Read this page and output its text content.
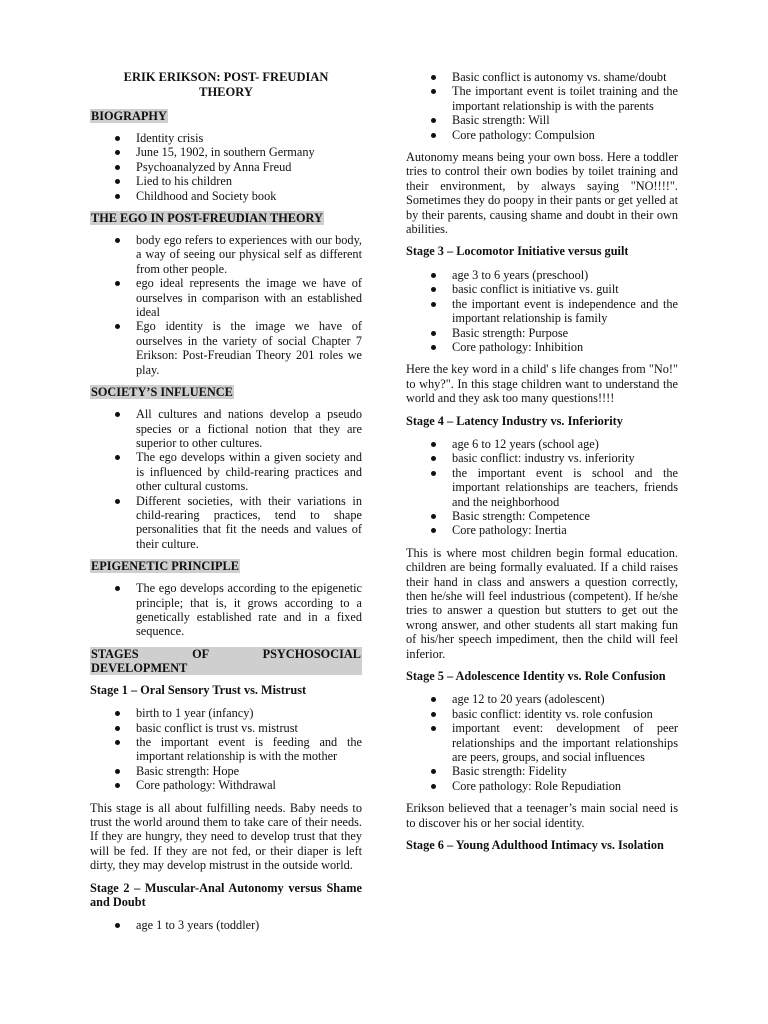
ERIK ERIKSON: POST- FREUDIAN
THEORY
BIOGRAPHY
Identity crisis
June 15, 1902, in southern Germany
Psychoanalyzed by Anna Freud
Lied to his children
Childhood and Society book
THE EGO IN POST-FREUDIAN THEORY
body ego refers to experiences with our body, a way of seeing our physical self as different from other people.
ego ideal represents the image we have of ourselves in comparison with an established ideal
Ego identity is the image we have of ourselves in the variety of social Chapter 7 Erikson: Post-Freudian Theory 201 roles we play.
SOCIETY’S INFLUENCE
All cultures and nations develop a pseudo species or a fictional notion that they are superior to other cultures.
The ego develops within a given society and is influenced by child-rearing practices and other cultural customs.
Different societies, with their variations in child-rearing practices, tend to shape personalities that fit the needs and values of their culture.
EPIGENETIC PRINCIPLE
The ego develops according to the epigenetic principle; that is, it grows according to a genetically established rate and in a fixed sequence.
STAGES	OF	PSYCHOSOCIAL
DEVELOPMENT
Stage 1 – Oral Sensory Trust vs. Mistrust
birth to 1 year (infancy)
basic conflict is trust vs. mistrust
the important event is feeding and the important relationship is with the mother
Basic strength: Hope
Core pathology: Withdrawal

This stage is all about fulfilling needs. Baby needs to trust the world around them to take care of their needs. If they are hungry, they need to develop trust that they will be fed. If they are not fed, or their diaper is left dirty, they may develop mistrust in the outside world.

Stage 2 – Muscular-Anal Autonomy versus Shame and Doubt
age 1 to 3 years (toddler)
Basic conflict is autonomy vs. shame/doubt
The important event is toilet training and the important relationship is with the parents
Basic strength: Will
Core pathology: Compulsion

Autonomy means being your own boss. Here a toddler tries to control their own bodies by toilet training and their environment, by always saying "NO!!!!". Sometimes they do poopy in their pants or get yelled at by their parents, causing shame and doubt in their own abilities.

Stage 3 – Locomotor Initiative versus guilt
age 3 to 6 years (preschool)
basic conflict is initiative vs. guilt
the important event is independence and the important relationship is family
Basic strength: Purpose
Core pathology: Inhibition

Here the key word in a child' s life changes from "No!" to why?". In this stage children want to understand the world and they ask too many questions!!!!

Stage 4 – Latency Industry vs. Inferiority
age 6 to 12 years (school age)
basic conflict: industry vs. inferiority
the important event is school and the important relationships are teachers, friends and the neighborhood
Basic strength: Competence
Core pathology: Inertia

This is where most children begin formal education. children are being formally evaluated. If a child raises their hand in class and answers a question correctly, then he/she will feel industrious (competent). If he/she tries to answer a question but stutters to get out the wrong answer, and other students all start making fun of his/her speech impediment, then the child will feel inferior.

Stage 5 – Adolescence Identity vs. Role Confusion
age 12 to 20 years (adolescent)
basic conflict: identity vs. role confusion
important event: development of peer relationships and the important relationships are peers, groups, and social influences
Basic strength: Fidelity
Core pathology: Role Repudiation

Erikson believed that a teenager’s main social need is to discover his or her social identity.

Stage 6 – Young Adulthood Intimacy vs. Isolation
